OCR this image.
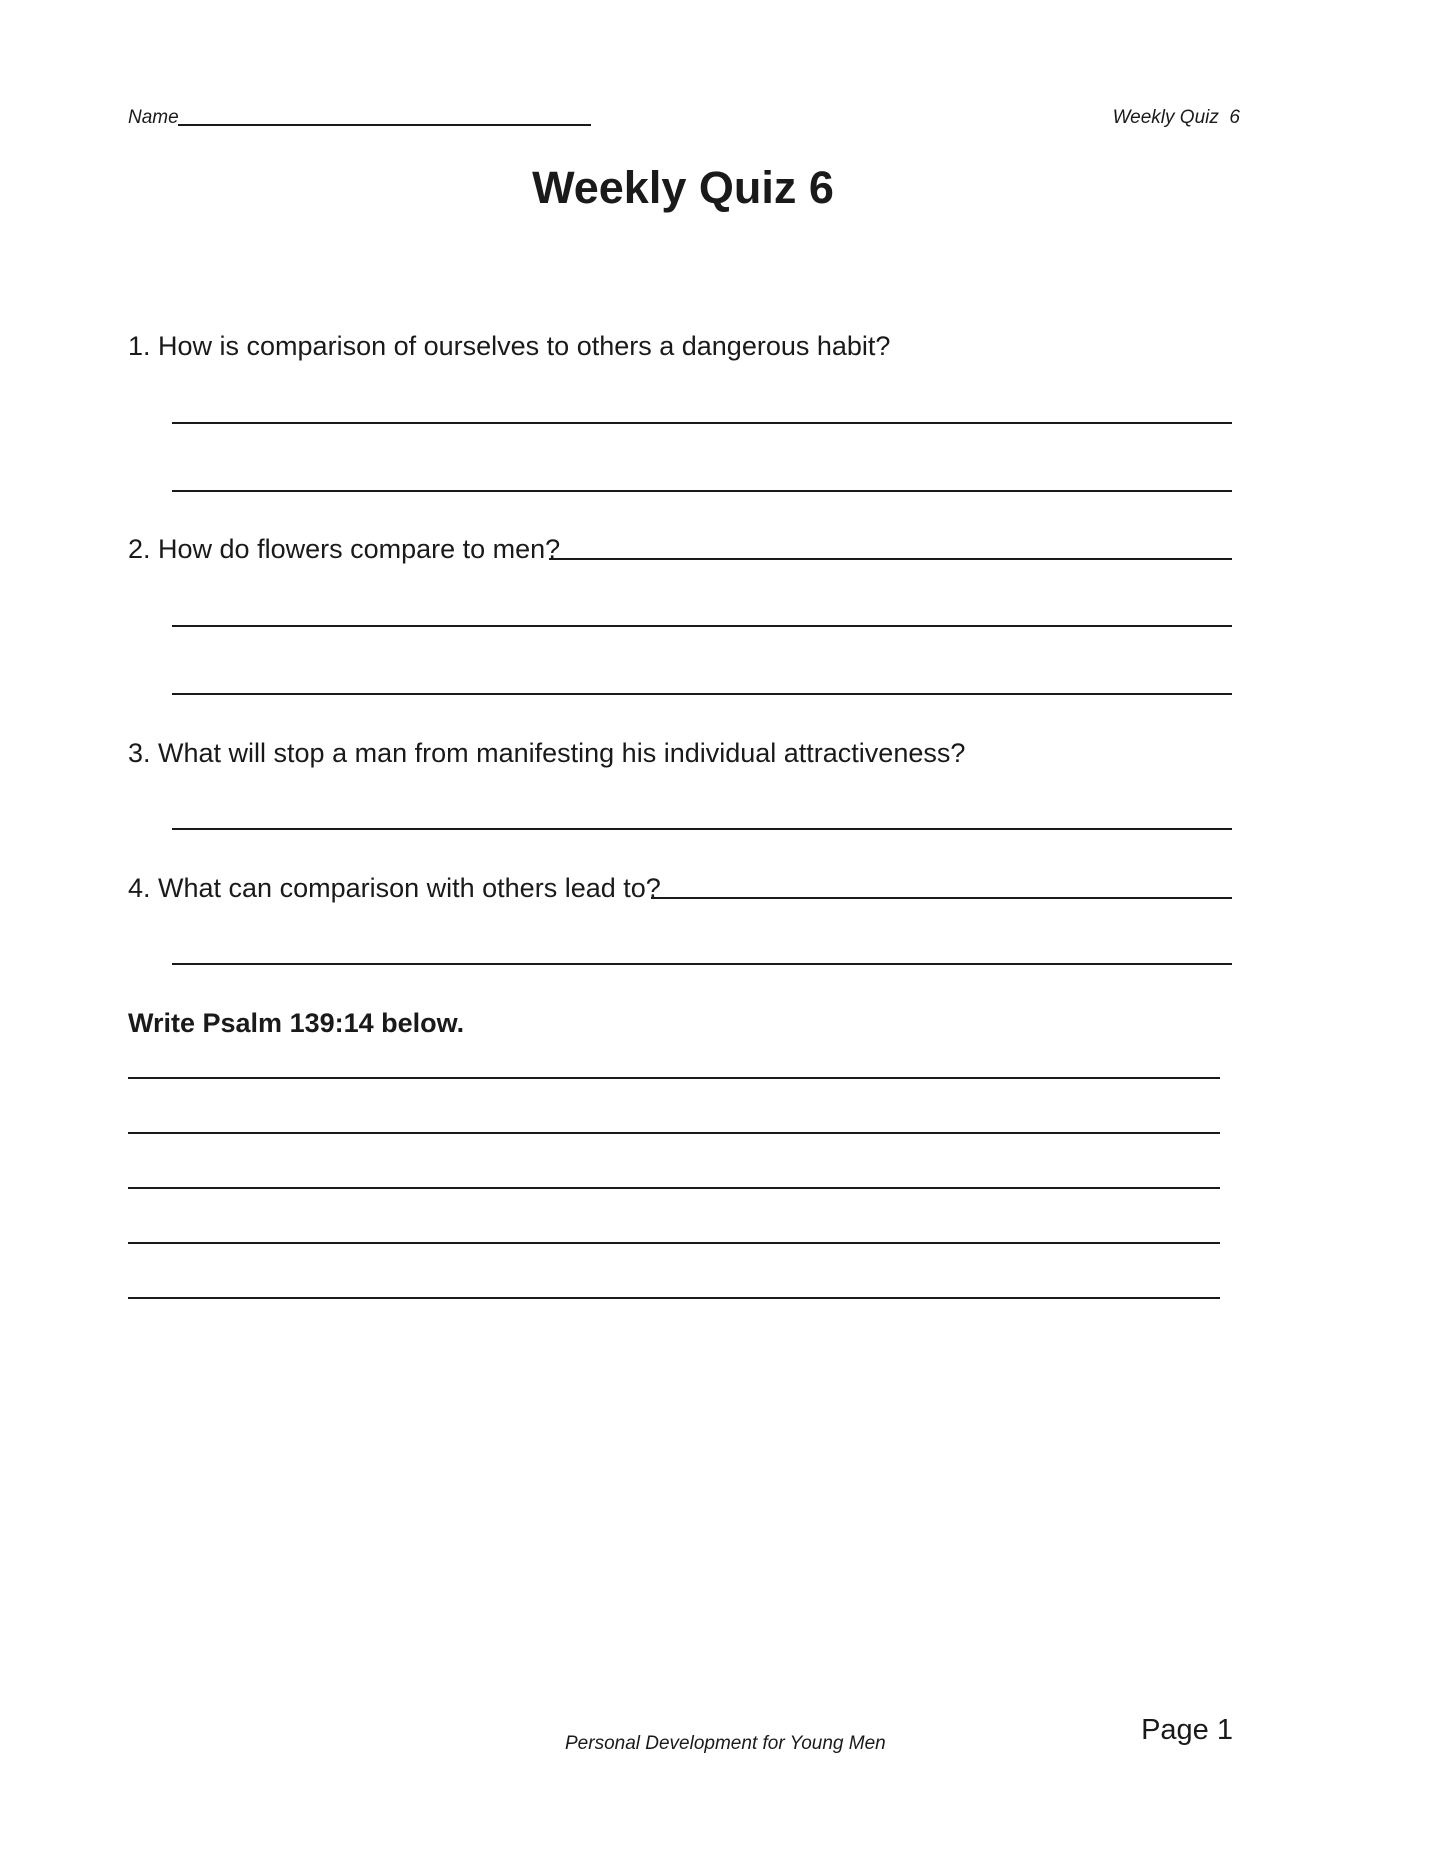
Name	Weekly Quiz  6
Weekly Quiz 6
1. How is comparison of ourselves to others a dangerous habit?
2. How do flowers compare to men?
3. What will stop a man from manifesting his individual attractiveness?
4. What can comparison with others lead to?
Write Psalm 139:14 below.
Personal Development for Young Men	Page 1
